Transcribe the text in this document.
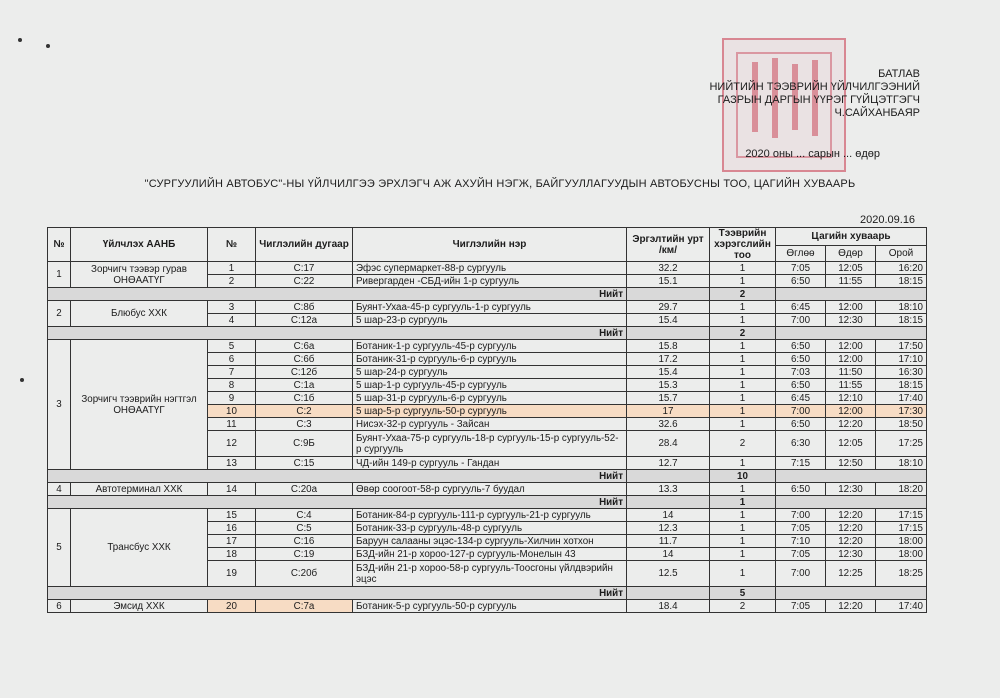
БАТЛАВ
НИЙТИЙН ТЭЭВРИЙН ҮЙЛЧИЛГЭЭНИЙ
ГАЗРЫН ДАРГЫН ҮҮРЭГ ГҮЙЦЭТГЭГЧ
Ч.САЙХАНБАЯР
2020 оны ... сарын ... өдөр
"СУРГУУЛИЙН АВТОБУС"-НЫ ҮЙЛЧИЛГЭЭ ЭРХЛЭГЧ АЖ АХУЙН НЭГЖ, БАЙГУУЛЛАГУУДЫН АВТОБУСНЫ ТОО, ЦАГИЙН ХУВААРЬ
2020.09.16
№	Үйлчлэх ААНБ	№	Чиглэлийн дугаар	Чиглэлийн нэр	Эргэлтийн урт /км/	Тээврийн хэрэгслийн тоо	Цагийн хуваарь		
							Өглөө	Өдөр	Орой
1	Зорчигч тээвэр гурав ОНӨААТҮГ	1	С:17	Эфэс супермаркет-88-р сургууль	32.2	1	7:05	12:05	16:20
		2	С:22	Ривергарден -СБД-ийн 1-р сургууль	15.1	1	6:50	11:55	18:15
Нийт						2			
2	Блюбус ХХК	3	С:8б	Буянт-Ухаа-45-р сургууль-1-р сургууль	29.7	1	6:45	12:00	18:10
		4	С:12а	5 шар-23-р сургууль	15.4	1	7:00	12:30	18:15
Нийт						2			
3	Зорчигч тээврийн нэгтгэл ОНӨААТҮГ	5	С:6а	Ботаник-1-р сургууль-45-р сургууль	15.8	1	6:50	12:00	17:50
		6	С:6б	Ботаник-31-р сургууль-6-р сургууль	17.2	1	6:50	12:00	17:10
		7	С:12б	5 шар-24-р сургууль	15.4	1	7:03	11:50	16:30
		8	С:1а	5 шар-1-р сургууль-45-р сургууль	15.3	1	6:50	11:55	18:15
		9	С:1б	5 шар-31-р сургууль-6-р сургууль	15.7	1	6:45	12:10	17:40
		10	С:2	5 шар-5-р сургууль-50-р сургууль	17	1	7:00	12:00	17:30
		11	С:3	Нисэх-32-р сургууль - Зайсан	32.6	1	6:50	12:20	18:50
		12	С:9Б	Буянт-Ухаа-75-р сургууль-18-р сургууль-15-р сургууль-52-р сургууль	28.4	2	6:30	12:05	17:25
		13	С:15	ЧД-ийн 149-р сургууль - Гандан	12.7	1	7:15	12:50	18:10
Нийт						10			
4	Автотерминал ХХК	14	С:20а	Өвөр соогоот-58-р сургууль-7 буудал	13.3	1	6:50	12:30	18:20
Нийт						1			
5	Трансбус ХХК	15	С:4	Ботаник-84-р сургууль-111-р сургууль-21-р сургууль	14	1	7:00	12:20	17:15
		16	С:5	Ботаник-33-р сургууль-48-р сургууль	12.3	1	7:05	12:20	17:15
		17	С:16	Баруун салааны эцэс-134-р сургууль-Хилчин хотхон	11.7	1	7:10	12:20	18:00
		18	С:19	БЗД-ийн 21-р хороо-127-р сургууль-Монелын 43	14	1	7:05	12:30	18:00
		19	С:20б	БЗД-ийн 21-р хороо-58-р сургууль-Тоосгоны үйлдвэрийн эцэс	12.5	1	7:00	12:25	18:25
Нийт						5			
6	Эмсид ХХК	20	С:7а	Ботаник-5-р сургууль-50-р сургууль	18.4	2	7:05	12:20	17:40
